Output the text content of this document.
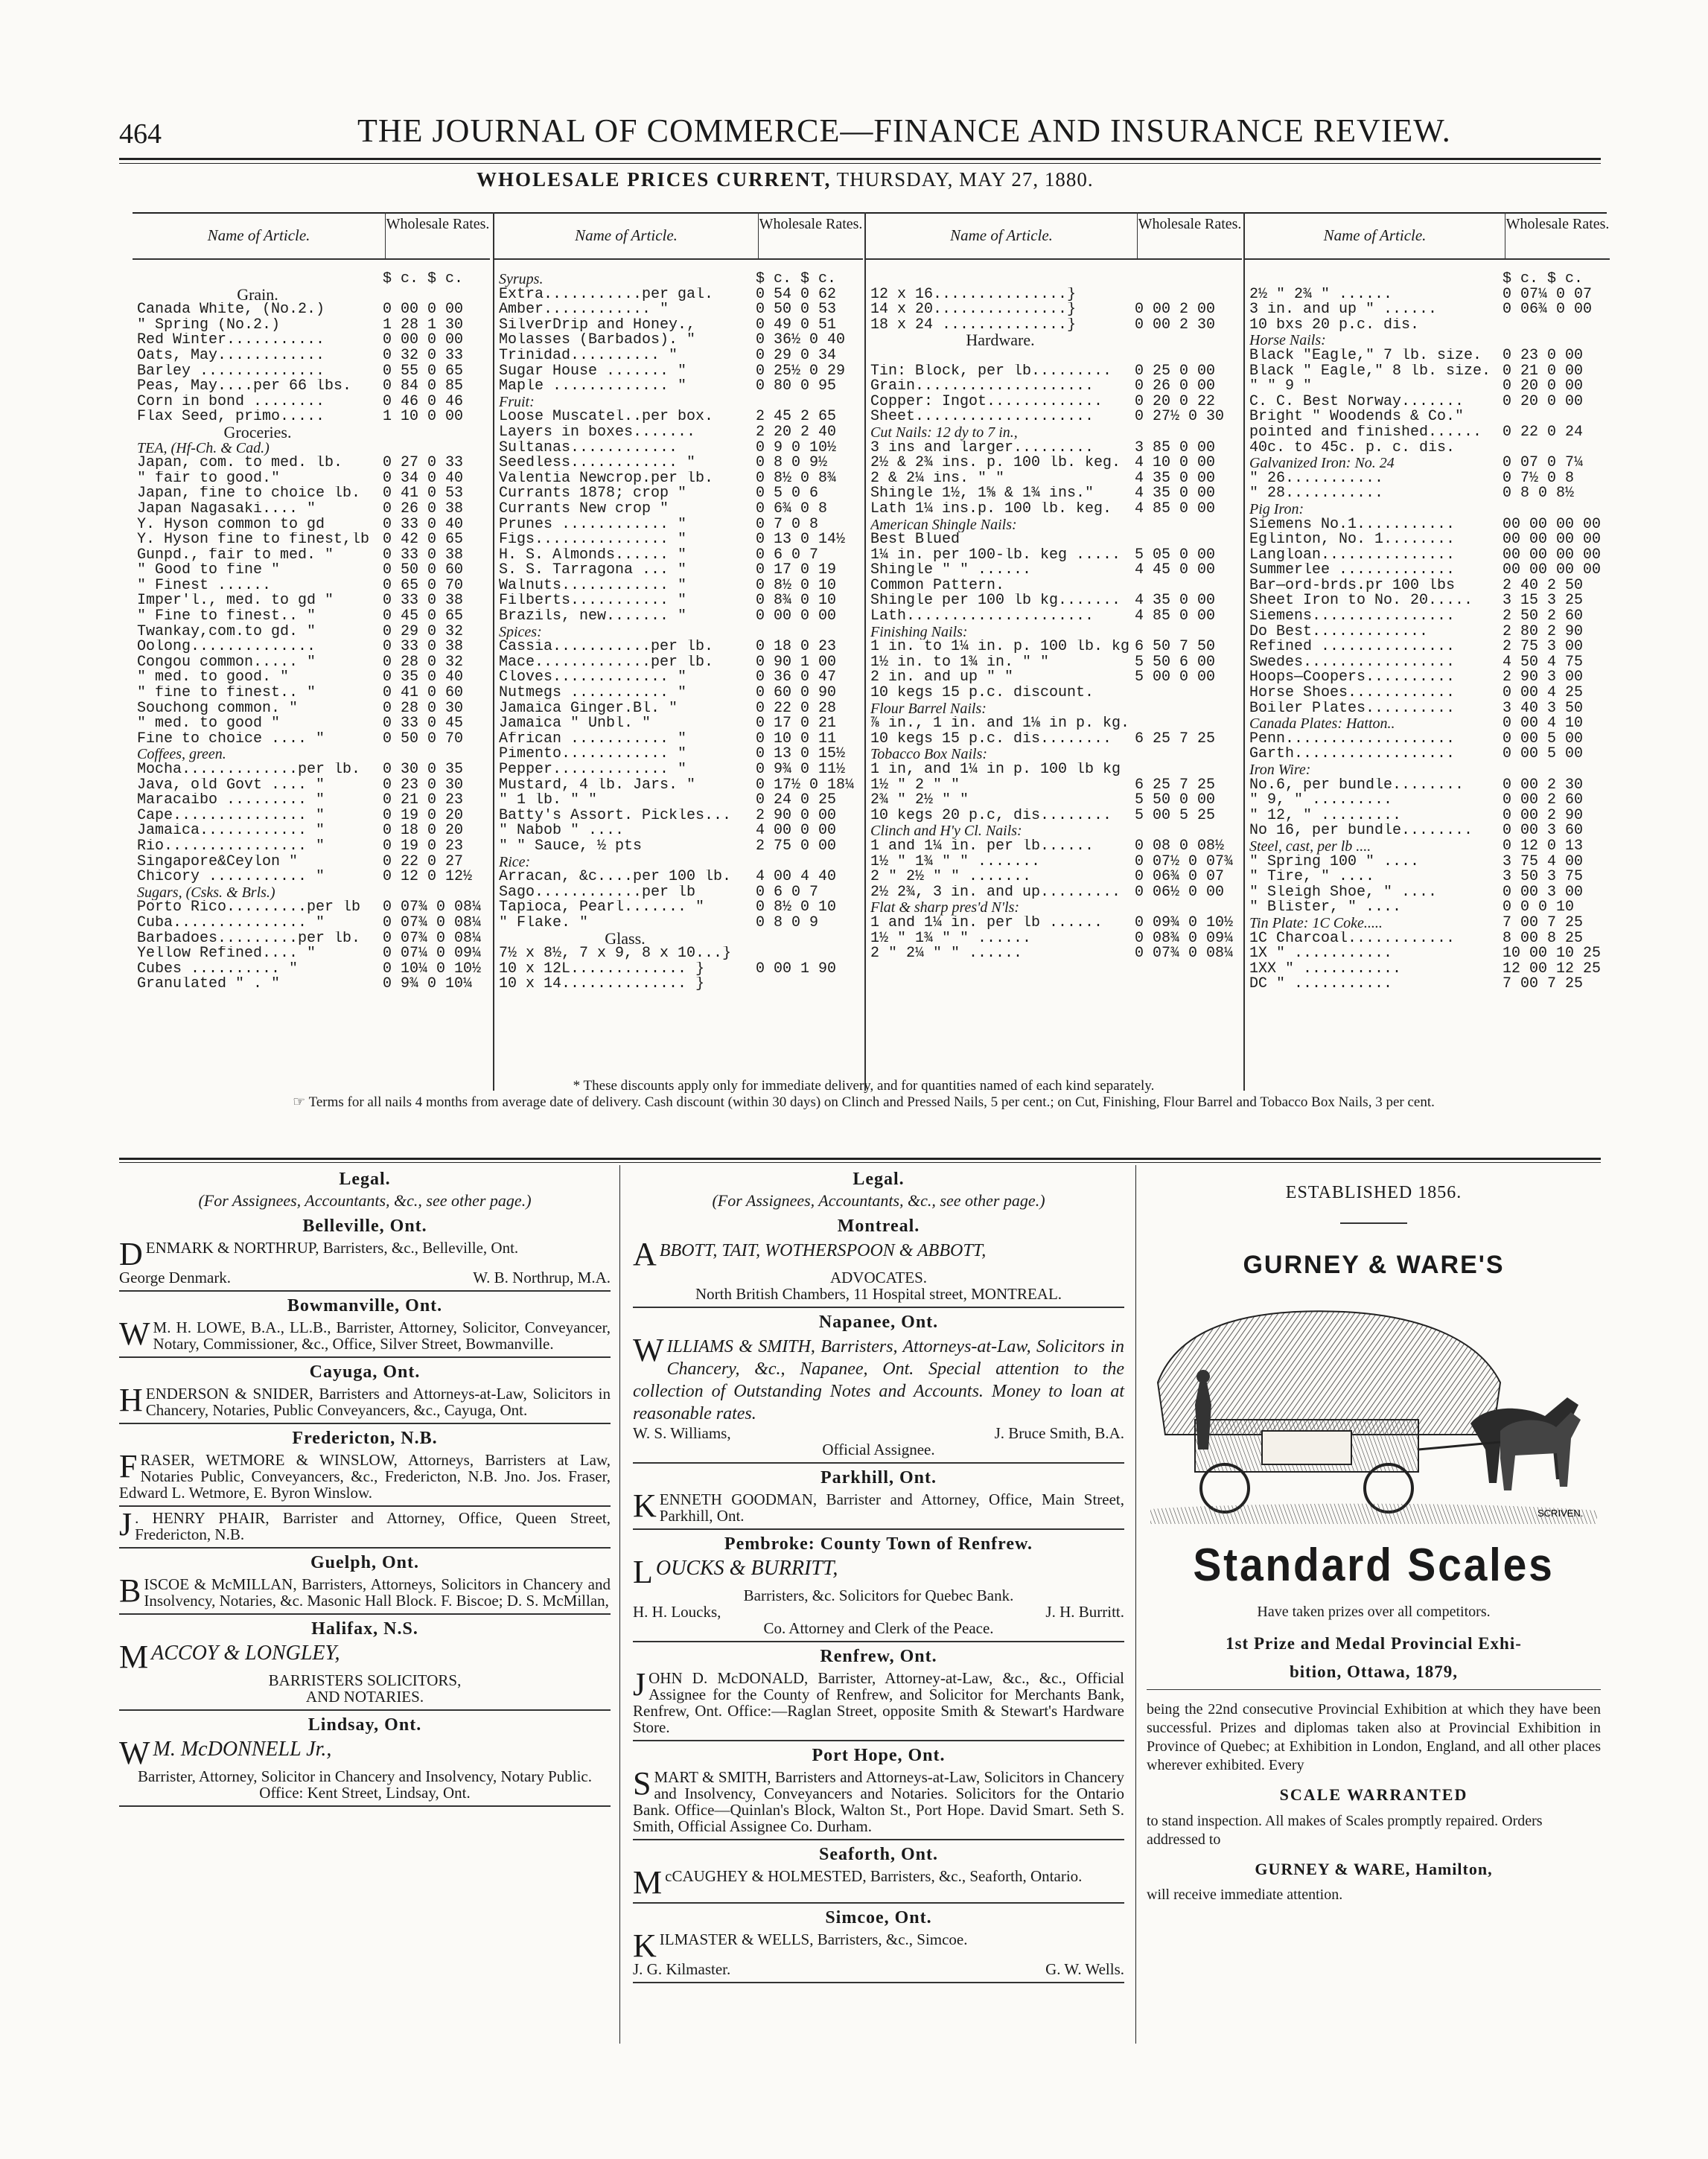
464	THE JOURNAL OF COMMERCE—FINANCE AND INSURANCE REVIEW.
WHOLESALE PRICES CURRENT, THURSDAY, MAY 27, 1880.
Name of Article.
Wholesale Rates.
$ c. $ c.
Grain.
Canada White, (No.2.)	0 00 0 00
" Spring (No.2.)	1 28 1 30
Red Winter...........	0 00 0 00
Oats, May............	0 32 0 33
Barley ..............	0 55 0 65
Peas, May....per 66 lbs.	0 84 0 85
Corn in bond ........	0 46 0 46
Flax Seed, primo.....	1 10 0 00
Groceries.
TEA, (Hf-Ch. & Cad.)
Japan, com. to med. lb.	0 27 0 33
" fair to good."	0 34 0 40
Japan, fine to choice lb.	0 41 0 53
Japan Nagasaki.... "	0 26 0 38
Y. Hyson common to gd	0 33 0 40
Y. Hyson fine to finest,lb 0 42 0 65
Gunpd., fair to med. "	0 33 0 38
" Good to fine "	0 50 0 60
" Finest ......	0 65 0 70
Imper'l., med. to gd "	0 33 0 38
" Fine to finest.. "	0 45 0 65
Twankay,com.to gd. "	0 29 0 32
Oolong..............	0 33 0 38
Congou common..... "	0 28 0 32
" med. to good. "	0 35 0 40
" fine to finest.. "	0 41 0 60
Souchong common. "	0 28 0 30
" med. to good "	0 33 0 45
Fine to choice .... "	0 50 0 70
Coffees, green.
Mocha.............per lb.	0 30 0 35
Java, old Govt .... "	0 23 0 30
Maracaibo ......... "	0 21 0 23
Cape............... "	0 19 0 20
Jamaica............ "	0 18 0 20
Rio................ "	0 19 0 23
Singapore&Ceylon "	0 22 0 27
Chicory ........... "	0 12 0 12½
Sugars, (Csks. & Brls.)
Porto Rico.........per lb	0 07¾ 0 08¼
Cuba............... "	0 07¾ 0 08¼
Barbadoes.........per lb.	0 07¾ 0 08¼
Yellow Refined.... "	0 07¼ 0 09¼
Cubes .......... "	0 10¼ 0 10½
Granulated " . "	0 9¾ 0 10¼
Name of Article.
Wholesale Rates.
Syrups.	$ c. $ c.
Extra...........per gal.	0 54 0 62
Amber............ "	0 50 0 53
SilverDrip and Honey.,	0 49 0 51
Molasses (Barbados). "	0 36½ 0 40
Trinidad.......... "	0 29 0 34
Sugar House ....... "	0 25½ 0 29
Maple ............. "	0 80 0 95
Fruit:
Loose Muscatel..per box.	2 45 2 65
Layers in boxes.......	2 20 2 40
Sultanas............	0 9 0 10½
Seedless............ "	0 8 0 9½
Valentia Newcrop.per lb.	0 8½ 0 8¾
Currants 1878; crop "	0 5 0 6
Currants New crop "	0 6¾ 0 8
Prunes ............ "	0 7 0 8
Figs............... "	0 13 0 14½
H. S. Almonds...... "	0 6 0 7
S. S. Tarragona ... "	0 17 0 19
Walnuts............ "	0 8½ 0 10
Filberts........... "	0 8¾ 0 10
Brazils, new....... "	0 00 0 00
Spices:
Cassia...........per lb.	0 18 0 23
Mace.............per lb.	0 90 1 00
Cloves............. "	0 36 0 47
Nutmegs ........... "	0 60 0 90
Jamaica Ginger.Bl. "	0 22 0 28
Jamaica " Unbl. "	0 17 0 21
African ........... "	0 10 0 11
Pimento............ "	0 13 0 15½
Pepper............. "	0 9¾ 0 11½
Mustard, 4 lb. Jars. "	0 17½ 0 18¼
" 1 lb. " "	0 24 0 25
Batty's Assort. Pickles...	2 90 0 00
" Nabob " ....	4 00 0 00
" " Sauce, ½ pts	2 75 0 00
Rice:
Arracan, &c....per 100 lb.	4 00 4 40
Sago............per lb	0 6 0 7
Tapioca, Pearl....... "	0 8½ 0 10
" Flake. "	0 8 0 9
Glass.
7½ x 8½, 7 x 9, 8 x 10...}
10 x 12L............. }	0 00 1 90
10 x 14.............. }
Name of Article.
Wholesale Rates.
12 x 16...............}
14 x 20...............}	0 00 2 00
18 x 24 ..............}	0 00 2 30
Hardware.
Tin: Block, per lb.........	0 25 0 00
Grain....................	0 26 0 00
Copper: Ingot.............	0 20 0 22
Sheet....................	0 27½ 0 30
Cut Nails: 12 dy to 7 in.,
3 ins and larger.........	3 85 0 00
2½ & 2¾ ins. p. 100 lb. keg. 4 10 0 00
2 & 2¼ ins. " "	4 35 0 00
Shingle 1½, 1⅝ & 1¾ ins."	4 35 0 00
Lath 1¼ ins.p. 100 lb. keg.	4 85 0 00
American Shingle Nails:
Best Blued
1¼ in. per 100-lb. keg ..... 5 05 0 00
Shingle " " ......	4 45 0 00
Common Pattern.
Shingle per 100 lb kg....... 4 35 0 00
Lath.....................	4 85 0 00
Finishing Nails:
1 in. to 1¼ in. p. 100 lb. kg 6 50 7 50
1½ in. to 1¾ in. " "	5 50 6 00
2 in. and up " "	5 00 0 00
10 kegs 15 p.c. discount.
Flour Barrel Nails:
⅞ in., 1 in. and 1⅛ in p. kg.
10 kegs 15 p.c. dis........	6 25 7 25
Tobacco Box Nails:
1 in, and 1¼ in p. 100 lb kg
1½ " 2 " "	6 25 7 25
2¾ " 2½ " "	5 50 0 00
10 kegs 20 p.c, dis........	5 00 5 25
Clinch and H'y Cl. Nails:
1 and 1¼ in. per lb......	0 08 0 08½
1½ " 1¾ " " .......	0 07½ 0 07¾
2 " 2½ " " .......	0 06¾ 0 07
2½ 2¾, 3 in. and up......... 0 06½ 0 00
Flat & sharp pres'd N'ls:
1 and 1¼ in. per lb ......	0 09¾ 0 10½
1½ " 1¾ " " ......	0 08¾ 0 09¼
2 " 2¼ " " ......	0 07¾ 0 08¼
Name of Article.
Wholesale Rates.
$ c. $ c.
2½ " 2¾ " ......	0 07¼ 0 07
3 in. and up " ......	0 06¾ 0 00
10 bxs 20 p.c. dis.
Horse Nails:
Black "Eagle," 7 lb. size.	0 23 0 00
Black " Eagle," 8 lb. size. 0 21 0 00
" " 9 "	0 20 0 00
C. C. Best Norway.......	0 20 0 00
Bright " Woodends & Co."
pointed and finished......	0 22 0 24
40c. to 45c. p. c. dis.
Galvanized Iron: No. 24	0 07 0 7¼
" 26...........	0 7½ 0 8
" 28...........	0 8 0 8½
Pig Iron:
Siemens No.1...........	00 00 00 00
Eglinton, No. 1........	00 00 00 00
Langloan...............	00 00 00 00
Summerlee .............	00 00 00 00
Bar—ord-brds.pr 100 lbs	2 40 2 50
Sheet Iron to No. 20.....	3 15 3 25
Siemens................	2 50 2 60
Do Best.............	2 80 2 90
Refined ...............	2 75 3 00
Swedes.................	4 50 4 75
Hoops—Coopers..........	2 90 3 00
Horse Shoes............	0 00 4 25
Boiler Plates..........	3 40 3 50
Canada Plates: Hatton..	0 00 4 10
Penn...................	0 00 5 00
Garth..................	0 00 5 00
Iron Wire:
No.6, per bundle........	0 00 2 30
" 9, " .........	0 00 2 60
" 12, " .........	0 00 2 90
No 16, per bundle........	0 00 3 60
Steel, cast, per lb ....	0 12 0 13
" Spring 100 " ....	3 75 4 00
" Tire, " ....	3 50 3 75
" Sleigh Shoe, " ....	0 00 3 00
" Blister, " ....	0 0 0 10
Tin Plate: 1C Coke.....	7 00 7 25
1C Charcoal............	8 00 8 25
1X " ...........	10 00 10 25
1XX " ...........	12 00 12 25
DC " ...........	7 00 7 25
* These discounts apply only for immediate delivery, and for quantities named of each kind separately.
☞ Terms for all nails 4 months from average date of delivery. Cash discount (within 30 days) on Clinch and Pressed Nails, 5 per cent.; on Cut, Finishing, Flour Barrel and Tobacco Box Nails, 3 per cent.
Legal.
(For Assignees, Accountants, &c., see other page.)
Belleville, Ont.
DENMARK & NORTHRUP, Barristers, &c., Belleville, Ont.
George Denmark.	W. B. Northrup, M.A.
Bowmanville, Ont.
W M. H. LOWE, B.A., LL.B., Barrister, Attorney, Solicitor, Conveyancer, Notary, Commissioner, &c., Office, Silver Street, Bowmanville.
Cayuga, Ont.
HENDERSON & SNIDER, Barristers and Attorneys-at-Law, Solicitors in Chancery, Notaries, Public Conveyancers, &c., Cayuga, Ont.
Fredericton, N.B.
FRASER, WETMORE & WINSLOW, Attorneys, Barristers at Law, Notaries Public, Conveyancers, &c., Fredericton, N.B. Jno. Jos. Fraser, Edward L. Wetmore, E. Byron Winslow.
J . HENRY PHAIR, Barrister and Attorney, Office, Queen Street, Fredericton, N.B.
Guelph, Ont.
BISCOE & McMILLAN, Barristers, Attorneys, Solicitors in Chancery and Insolvency, Notaries, &c. Masonic Hall Block. F. Biscoe; D. S. McMillan,
Halifax, N.S.
MACCOY & LONGLEY,
BARRISTERS SOLICITORS,
AND NOTARIES.
Lindsay, Ont.
W M. McDONNELL Jr.,
Barrister, Attorney, Solicitor in Chancery and Insolvency, Notary Public.
Office: Kent Street, Lindsay, Ont.
Legal.
(For Assignees, Accountants, &c., see other page.)
Montreal.
ABBOTT, TAIT, WOTHERSPOON & ABBOTT,
ADVOCATES.
North British Chambers, 11 Hospital street, MONTREAL.
Napanee, Ont.
WILLIAMS & SMITH, Barristers, Attorneys-at-Law, Solicitors in Chancery, &c., Napanee, Ont. Special attention to the collection of Outstanding Notes and Accounts. Money to loan at reasonable rates.
W. S. Williams,	J. Bruce Smith, B.A.
Official Assignee.
Parkhill, Ont.
KENNETH GOODMAN, Barrister and Attorney, Office, Main Street, Parkhill, Ont.
Pembroke: County Town of Renfrew.
LOUCKS & BURRITT,
Barristers, &c. Solicitors for Quebec Bank.
H. H. Loucks,	J. H. Burritt.
Co. Attorney and Clerk of the Peace.
Renfrew, Ont.
JOHN D. McDONALD, Barrister, Attorney-at-Law, &c., &c., Official Assignee for the County of Renfrew, and Solicitor for Merchants Bank, Renfrew, Ont. Office:—Raglan Street, opposite Smith & Stewart's Hardware Store.
Port Hope, Ont.
SMART & SMITH, Barristers and Attorneys-at-Law, Solicitors in Chancery and Insolvency, Conveyancers and Notaries. Solicitors for the Ontario Bank. Office—Quinlan's Block, Walton St., Port Hope. David Smart. Seth S. Smith, Official Assignee Co. Durham.
Seaforth, Ont.
McCAUGHEY & HOLMESTED, Barristers, &c., Seaforth, Ontario.
Simcoe, Ont.
KILMASTER & WELLS, Barristers, &c., Simcoe.
J. G. Kilmaster.	G. W. Wells.
ESTABLISHED 1856.
GURNEY & WARE'S
SCRIVEN.
Standard Scales
Have taken prizes over all competitors.
1st Prize and Medal Provincial Exhi-
bition, Ottawa, 1879,
being the 22nd consecutive Provincial Exhibition at which they have been successful. Prizes and diplomas taken also at Provincial Exhibition in Province of Quebec; at Exhibition in London, England, and all other places wherever exhibited. Every
SCALE WARRANTED
to stand inspection. All makes of Scales promptly repaired. Orders addressed to
GURNEY & WARE, Hamilton,
will receive immediate attention.
